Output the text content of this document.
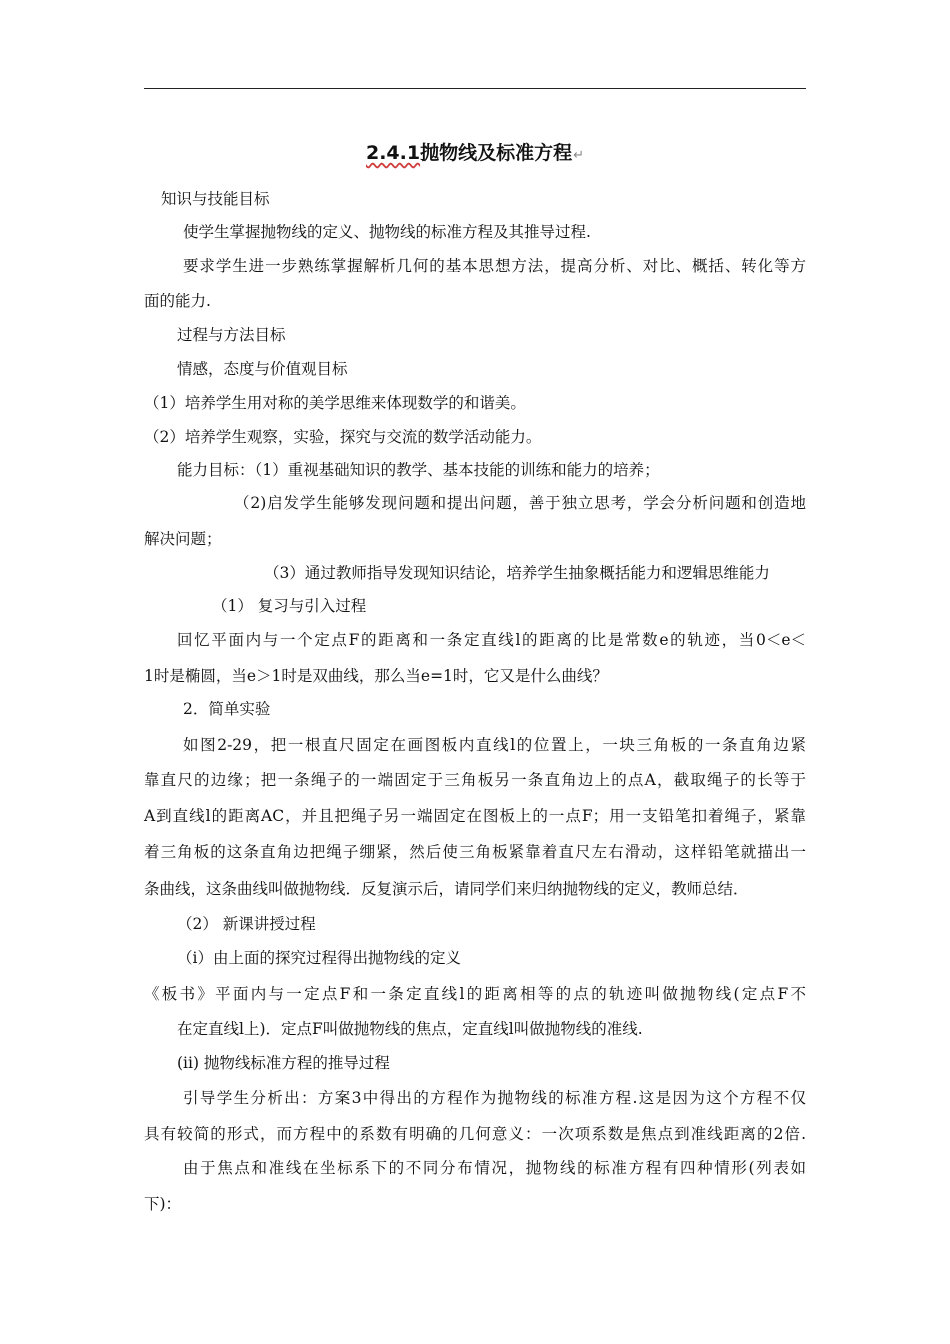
2.4.1抛物线及标准方程↵
知识与技能目标
使学生掌握抛物线的定义、抛物线的标准方程及其推导过程.
要求学生进一步熟练掌握解析几何的基本思想方法，提高分析、对比、概括、转化等方
面的能力.
过程与方法目标
情感，态度与价值观目标
（1）培养学生用对称的美学思维来体现数学的和谐美。
（2）培养学生观察，实验，探究与交流的数学活动能力。
能力目标：（1）重视基础知识的教学、基本技能的训练和能力的培养；
（2)启发学生能够发现问题和提出问题，善于独立思考，学会分析问题和创造地
解决问题；
（3）通过教师指导发现知识结论，培养学生抽象概括能力和逻辑思维能力
（1） 复习与引入过程
回忆平面内与一个定点F的距离和一条定直线l的距离的比是常数e的轨迹，当0＜e＜
1时是椭圆，当e＞1时是双曲线，那么当e=1时，它又是什么曲线？
2．简单实验
如图2-29，把一根直尺固定在画图板内直线l的位置上，一块三角板的一条直角边紧
靠直尺的边缘；把一条绳子的一端固定于三角板另一条直角边上的点A，截取绳子的长等于
A到直线l的距离AC，并且把绳子另一端固定在图板上的一点F；用一支铅笔扣着绳子，紧靠
着三角板的这条直角边把绳子绷紧，然后使三角板紧靠着直尺左右滑动，这样铅笔就描出一
条曲线，这条曲线叫做抛物线．反复演示后，请同学们来归纳抛物线的定义，教师总结．
（2） 新课讲授过程
（i）由上面的探究过程得出抛物线的定义
《板书》平面内与一定点F和一条定直线l的距离相等的点的轨迹叫做抛物线(定点F不
在定直线l上)．定点F叫做抛物线的焦点，定直线l叫做抛物线的准线.
(ii) 抛物线标准方程的推导过程
引导学生分析出：方案3中得出的方程作为抛物线的标准方程.这是因为这个方程不仅
具有较简的形式，而方程中的系数有明确的几何意义：一次项系数是焦点到准线距离的2倍.
由于焦点和准线在坐标系下的不同分布情况，抛物线的标准方程有四种情形(列表如
下)：
